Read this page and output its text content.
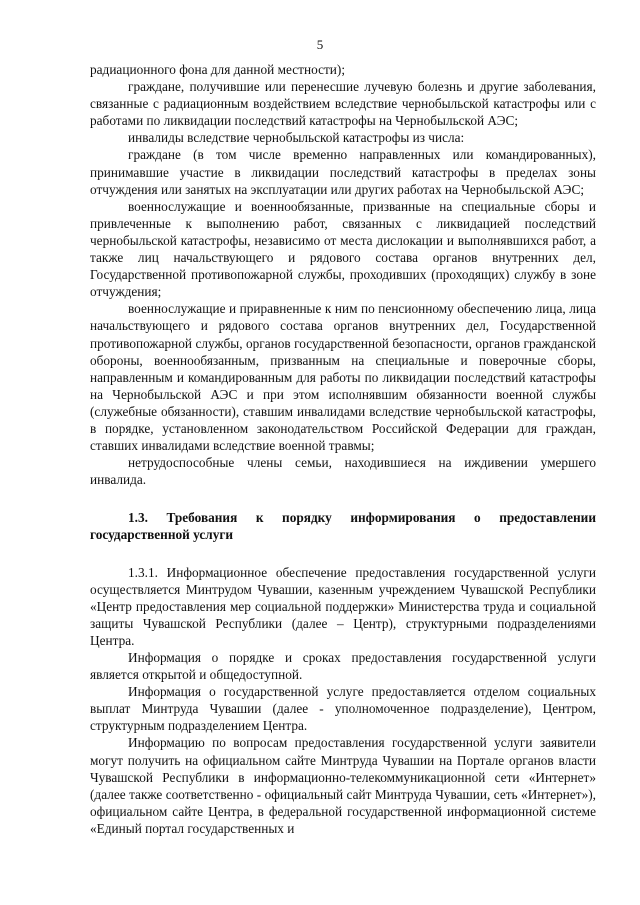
5

радиационного фона для данной местности);

граждане, получившие или перенесшие лучевую болезнь и другие заболевания, связанные с радиационным воздействием вследствие чернобыльской катастрофы или с работами по ликвидации последствий катастрофы на Чернобыльской АЭС;

инвалиды вследствие чернобыльской катастрофы из числа:

граждане (в том числе временно направленных или командированных), принимавшие участие в ликвидации последствий катастрофы в пределах зоны отчуждения или занятых на эксплуатации или других работах на Чернобыльской АЭС;

военнослужащие и военнообязанные, призванные на специальные сборы и привлеченные к выполнению работ, связанных с ликвидацией последствий чернобыльской катастрофы, независимо от места дислокации и выполнявшихся работ, а также лиц начальствующего и рядового состава органов внутренних дел, Государственной противопожарной службы, проходивших (проходящих) службу в зоне отчуждения;

военнослужащие и приравненные к ним по пенсионному обеспечению лица, лица начальствующего и рядового состава органов внутренних дел, Государственной противопожарной службы, органов государственной безопасности, органов гражданской обороны, военнообязанным, призванным на специальные и поверочные сборы, направленным и командированным для работы по ликвидации последствий катастрофы на Чернобыльской АЭС и при этом исполнявшим обязанности военной службы (служебные обязанности), ставшим инвалидами вследствие чернобыльской катастрофы, в порядке, установленном законодательством Российской Федерации для граждан, ставших инвалидами вследствие военной травмы;

нетрудоспособные члены семьи, находившиеся на иждивении умершего инвалида.

1.3. Требования к порядку информирования о предоставлении государственной услуги

1.3.1. Информационное обеспечение предоставления государственной услуги осуществляется Минтрудом Чувашии, казенным учреждением Чувашской Республики «Центр предоставления мер социальной поддержки» Министерства труда и социальной защиты Чувашской Республики (далее – Центр), структурными подразделениями Центра.

Информация о порядке и сроках предоставления государственной услуги является открытой и общедоступной.

Информация о государственной услуге предоставляется отделом социальных выплат Минтруда Чувашии (далее - уполномоченное подразделение), Центром, структурным подразделением Центра.

Информацию по вопросам предоставления государственной услуги заявители могут получить на официальном сайте Минтруда Чувашии на Портале органов власти Чувашской Республики в информационно-телекоммуникационной сети «Интернет» (далее также соответственно - официальный сайт Минтруда Чувашии, сеть «Интернет»), официальном сайте Центра, в федеральной государственной информационной системе «Единый портал государственных и
